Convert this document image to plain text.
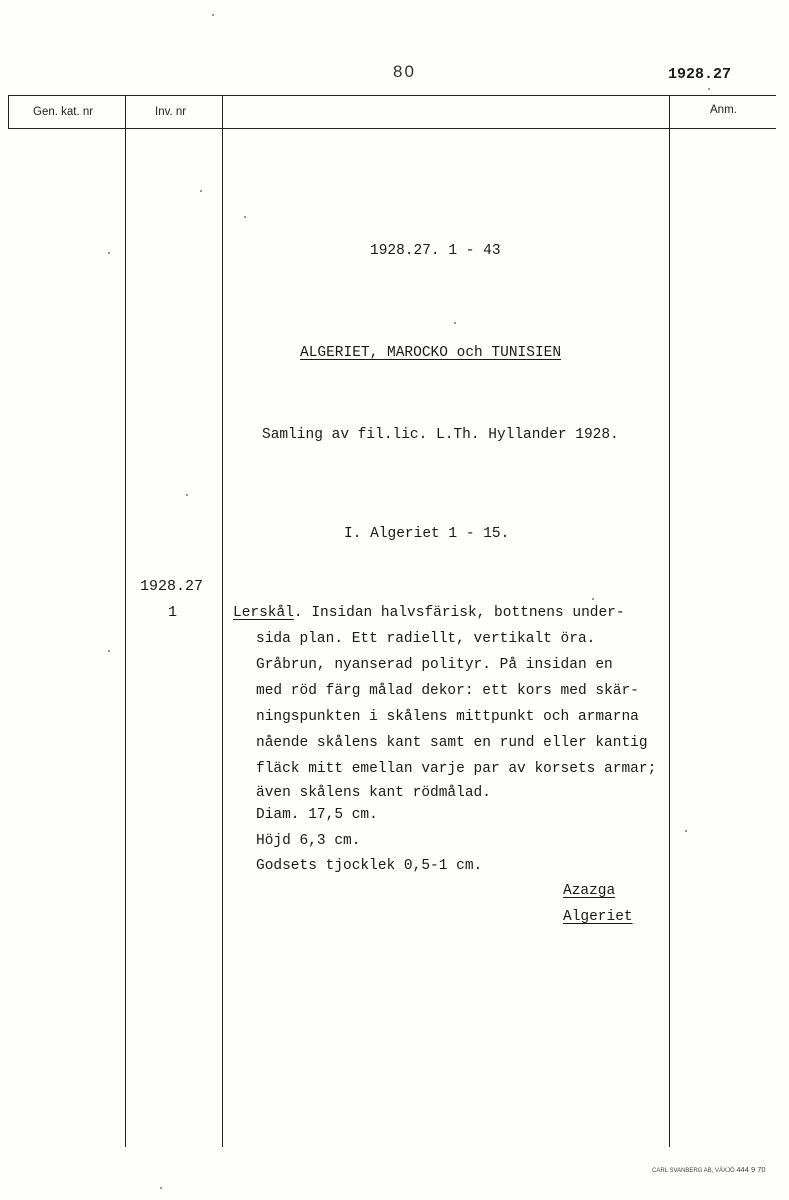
80	1928.27
Gen. kat. nr	Inv. nr	Anm.
1928.27. 1 - 43
ALGERIET, MAROCKO och TUNISIEN
Samling av fil.lic. L.Th. Hyllander 1928.
I. Algeriet 1 - 15.
1928.27
1	Lerskål. Insidan halvsfärisk, bottnens under-
sida plan. Ett radiellt, vertikalt öra.
Gråbrun, nyanserad polityr. På insidan en
med röd färg målad dekor: ett kors med skär-
ningspunkten i skålens mittpunkt och armarna
nående skålens kant samt en rund eller kantig
fläck mitt emellan varje par av korsets armar;
även skålens kant rödmålad.
Diam. 17,5 cm.
Höjd 6,3 cm.
Godsets tjocklek 0,5-1 cm.
Azazga
Algeriet
CARL SVANBERG AB, VÄXJÖ 444 9 70
